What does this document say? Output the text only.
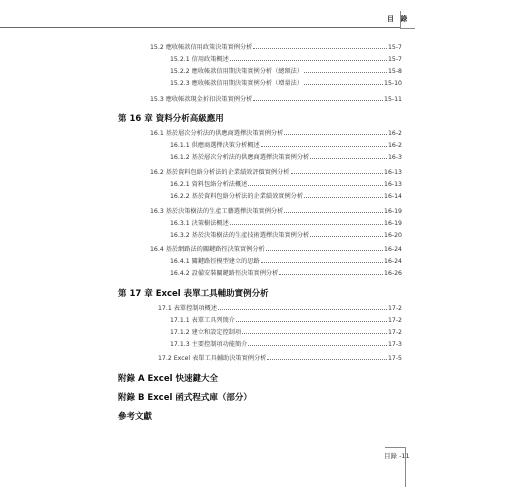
目 錄
15.2 應收帳款信用政策決策實例分析	15-7
15.2.1 信用政策概述	15-7
15.2.2 應收帳款信用期決策實例分析（總額法）	15-8
15.2.3 應收帳款信用期決策實例分析（增量法）	15-10
15.3 應收帳款現金折扣決策實例分析	15-11
第 16 章 資料分析高級應用
16.1 基於層次分析法的供應商選擇決策實例分析	16-2
16.1.1 供應商選擇決策分析概述	16-2
16.1.2 基於層次分析法的供應商選擇決策實例分析	16-3
16.2 基於資料包絡分析法的企業績效評價實例分析	16-13
16.2.1 資料包絡分析法概述	16-13
16.2.2 基於資料包絡分析法的企業績效實例分析	16-14
16.3 基於決策樹法的生產工藝選擇決策實例分析	16-19
16.3.1 決策樹法概述	16-19
16.3.2 基於決策樹法的生產技術選擇決策實例分析	16-20
16.4 基於網路法的關鍵路徑決策實例分析	16-24
16.4.1 關鍵路徑模型建立的思路	16-24
16.4.2 設備安裝關鍵路徑決策實例分析	16-26
第 17 章 Excel 表單工具輔助實例分析
17.1 表單控制項概述	17-2
17.1.1 表單工具列簡介	17-2
17.1.2 建立和設定控制項	17-2
17.1.3 主要控制項功能簡介	17-3
17.2 Excel 表單工具輔助決策實例分析	17-5
附錄 A Excel 快速鍵大全
附錄 B Excel 函式程式庫（部分）
參考文獻
目錄 -11
